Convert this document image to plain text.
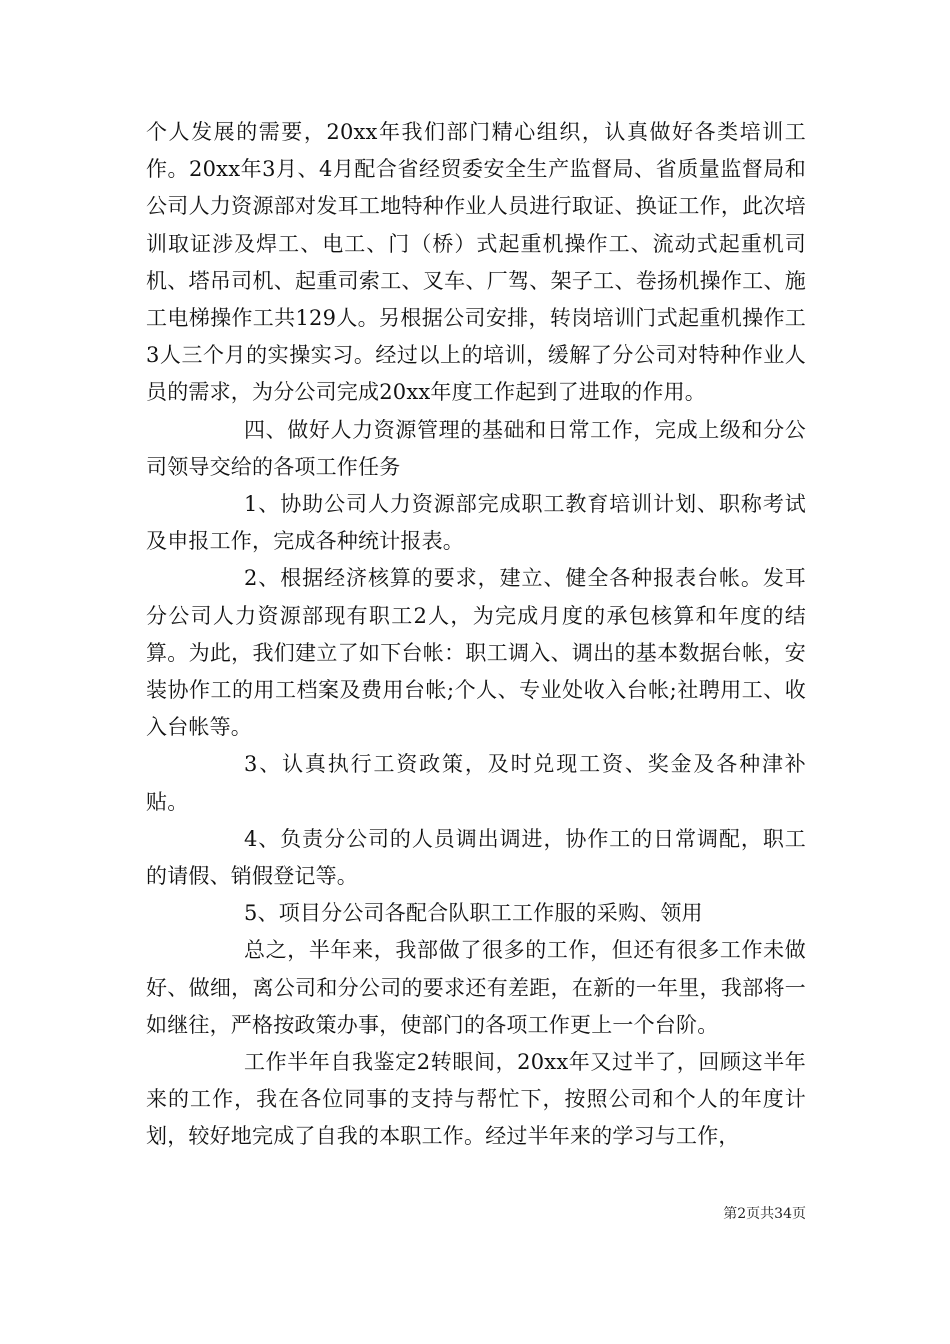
个人发展的需要，20xx年我们部门精心组织，认真做好各类培训工作。20xx年3月、4月配合省经贸委安全生产监督局、省质量监督局和公司人力资源部对发耳工地特种作业人员进行取证、换证工作，此次培训取证涉及焊工、电工、门（桥）式起重机操作工、流动式起重机司机、塔吊司机、起重司索工、叉车、厂驾、架子工、卷扬机操作工、施工电梯操作工共129人。另根据公司安排，转岗培训门式起重机操作工3人三个月的实操实习。经过以上的培训，缓解了分公司对特种作业人员的需求，为分公司完成20xx年度工作起到了进取的作用。

四、做好人力资源管理的基础和日常工作，完成上级和分公司领导交给的各项工作任务

1、协助公司人力资源部完成职工教育培训计划、职称考试及申报工作，完成各种统计报表。

2、根据经济核算的要求，建立、健全各种报表台帐。发耳分公司人力资源部现有职工2人，为完成月度的承包核算和年度的结算。为此，我们建立了如下台帐：职工调入、调出的基本数据台帐，安装协作工的用工档案及费用台帐;个人、专业处收入台帐;社聘用工、收入台帐等。

3、认真执行工资政策，及时兑现工资、奖金及各种津补贴。

4、负责分公司的人员调出调进，协作工的日常调配，职工的请假、销假登记等。

5、项目分公司各配合队职工工作服的采购、领用

总之，半年来，我部做了很多的工作，但还有很多工作未做好、做细，离公司和分公司的要求还有差距，在新的一年里，我部将一如继往，严格按政策办事，使部门的各项工作更上一个台阶。

工作半年自我鉴定2转眼间，20xx年又过半了，回顾这半年来的工作，我在各位同事的支持与帮忙下，按照公司和个人的年度计划，较好地完成了自我的本职工作。经过半年来的学习与工作，

第2页共34页
